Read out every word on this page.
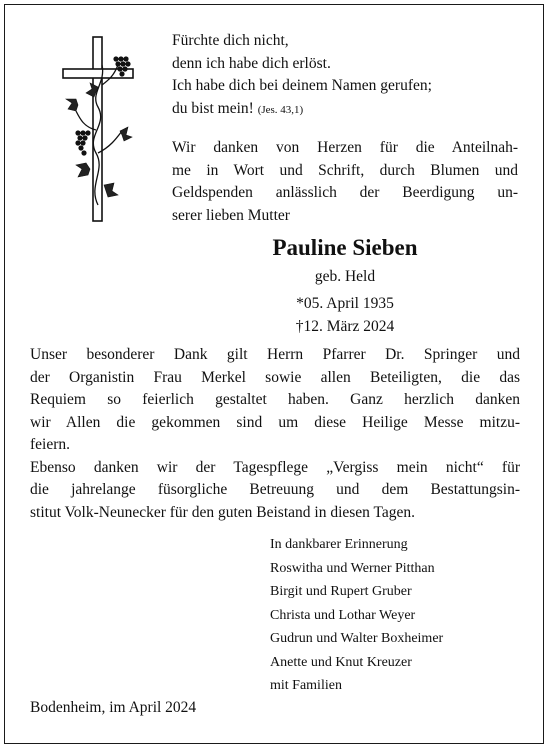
Fürchte dich nicht,
denn ich habe dich erlöst.
Ich habe dich bei deinem Namen gerufen;
du bist mein! (Jes. 43,1)
Wir danken von Herzen für die Anteilnah-
me in Wort und Schrift, durch Blumen und
Geldspenden anlässlich der Beerdigung un-
serer lieben Mutter
Pauline Sieben
geb. Held
*05. April 1935
†12. März 2024
Unser besonderer Dank gilt Herrn Pfarrer Dr. Springer und
der Organistin Frau Merkel sowie allen Beteiligten, die das
Requiem so feierlich gestaltet haben. Ganz herzlich danken
wir Allen die gekommen sind um diese Heilige Messe mitzu-
feiern.
Ebenso danken wir der Tagespflege „Vergiss mein nicht“ für
die jahrelange füsorgliche Betreuung und dem Bestattungsin-
stitut Volk-Neunecker für den guten Beistand in diesen Tagen.
In dankbarer Erinnerung
Roswitha und Werner Pitthan
Birgit und Rupert Gruber
Christa und Lothar Weyer
Gudrun und Walter Boxheimer
Anette und Knut Kreuzer
mit Familien
Bodenheim, im April 2024
